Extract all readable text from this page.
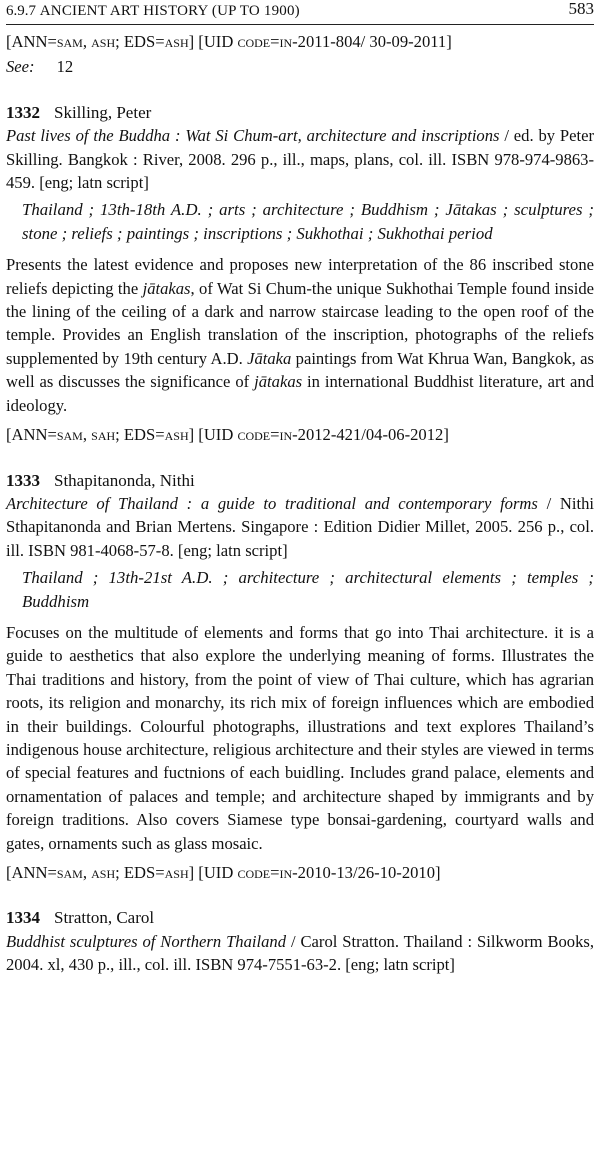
6.9.7 ANCIENT ART HISTORY (UP TO 1900)	583

[ANN=sam, ash; EDS=ash] [UID code=in-2011-804/ 30-09-2011]

See: 12

1332 Skilling, Peter

Past lives of the Buddha : Wat Si Chum-art, architecture and inscriptions / ed. by Peter Skilling. Bangkok : River, 2008. 296 p., ill., maps, plans, col. ill. ISBN 978-974-9863-459. [eng; latn script]

Thailand ; 13th-18th A.D. ; arts ; architecture ; Buddhism ; Jātakas ; sculptures ; stone ; reliefs ; paintings ; inscriptions ; Sukhothai ; Sukhothai period

Presents the latest evidence and proposes new interpretation of the 86 inscribed stone reliefs depicting the jātakas, of Wat Si Chum-the unique Sukhothai Temple found inside the lining of the ceiling of a dark and narrow staircase leading to the open roof of the temple. Provides an English translation of the inscription, photographs of the reliefs supplemented by 19th century A.D. Jātaka paintings from Wat Khrua Wan, Bangkok, as well as discusses the significance of jātakas in international Buddhist literature, art and ideology.

[ANN=sam, sah; EDS=ash] [UID code=in-2012-421/04-06-2012]

1333 Sthapitanonda, Nithi

Architecture of Thailand : a guide to traditional and contemporary forms / Nithi Sthapitanonda and Brian Mertens. Singapore : Edition Didier Millet, 2005. 256 p., col. ill. ISBN 981-4068-57-8. [eng; latn script]

Thailand ; 13th-21st A.D. ; architecture ; architectural elements ; temples ; Buddhism

Focuses on the multitude of elements and forms that go into Thai architecture. it is a guide to aesthetics that also explore the underlying meaning of forms. Illustrates the Thai traditions and history, from the point of view of Thai culture, which has agrarian roots, its religion and monarchy, its rich mix of foreign influences which are embodied in their buildings. Colourful photographs, illustrations and text explores Thailand’s indigenous house architecture, religious architecture and their styles are viewed in terms of special features and fuctnions of each buidling. Includes grand palace, elements and ornamentation of palaces and temple; and architecture shaped by immigrants and by foreign traditions. Also covers Siamese type bonsai-gardening, courtyard walls and gates, ornaments such as glass mosaic.

[ANN=sam, ash; EDS=ash] [UID code=in-2010-13/26-10-2010]

1334 Stratton, Carol

Buddhist sculptures of Northern Thailand / Carol Stratton. Thailand : Silkworm Books, 2004. xl, 430 p., ill., col. ill. ISBN 974-7551-63-2. [eng; latn script]
